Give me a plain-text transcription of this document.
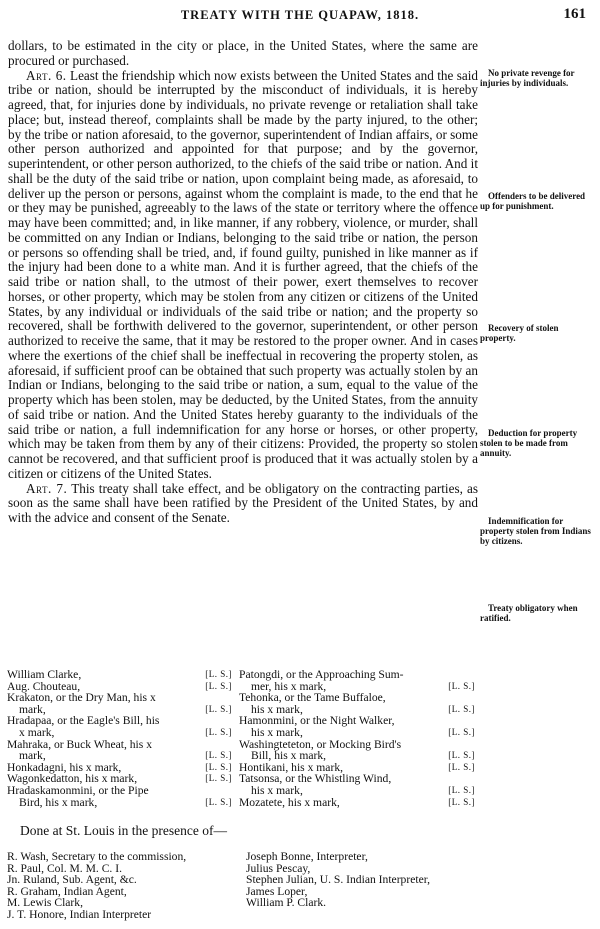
TREATY WITH THE QUAPAW, 1818.	161

dollars, to be estimated in the city or place, in the United States, where the same are procured or purchased.

Art. 6. Least the friendship which now exists between the United States and the said tribe or nation, should be interrupted by the misconduct of individuals, it is hereby agreed, that, for injuries done by individuals, no private revenge or retaliation shall take place; but, instead thereof, complaints shall be made by the party injured, to the other; by the tribe or nation aforesaid, to the governor, superintendent of Indian affairs, or some other person authorized and appointed for that purpose; and by the governor, superintendent, or other person authorized, to the chiefs of the said tribe or nation. And it shall be the duty of the said tribe or nation, upon complaint being made, as aforesaid, to deliver up the person or persons, against whom the complaint is made, to the end that he or they may be punished, agreeably to the laws of the state or territory where the offence may have been committed; and, in like manner, if any robbery, violence, or murder, shall be committed on any Indian or Indians, belonging to the said tribe or nation, the person or persons so offending shall be tried, and, if found guilty, punished in like manner as if the injury had been done to a white man. And it is further agreed, that the chiefs of the said tribe or nation shall, to the utmost of their power, exert themselves to recover horses, or other property, which may be stolen from any citizen or citizens of the United States, by any individual or individuals of the said tribe or nation; and the property so recovered, shall be forthwith delivered to the governor, superintendent, or other person authorized to receive the same, that it may be restored to the proper owner. And in cases where the exertions of the chief shall be ineffectual in recovering the property stolen, as aforesaid, if sufficient proof can be obtained that such property was actually stolen by an Indian or Indians, belonging to the said tribe or nation, a sum, equal to the value of the property which has been stolen, may be deducted, by the United States, from the annuity of said tribe or nation. And the United States hereby guaranty to the individuals of the said tribe or nation, a full indemnification for any horse or horses, or other property, which may be taken from them by any of their citizens: Provided, the property so stolen cannot be recovered, and that sufficient proof is produced that it was actually stolen by a citizen or citizens of the United States.

Art. 7. This treaty shall take effect, and be obligatory on the contracting parties, as soon as the same shall have been ratified by the President of the United States, by and with the advice and consent of the Senate.

No private revenge for injuries by individuals.
Offenders to be delivered up for punishment.
Recovery of stolen property.
Deduction for property stolen to be made from annuity.
Indemnification for property stolen from Indians by citizens.
Treaty obligatory when ratified.
William Clarke,	[L. S.]
Aug. Chouteau,	[L. S.]
Krakaton, or the Dry Man, his x
mark,	[L. S.]
Hradapaa, or the Eagle's Bill, his
x mark,	[L. S.]
Mahraka, or Buck Wheat, his x
mark,	[L. S.]
Honkadagni, his x mark,	[L. S.]
Wagonkedatton, his x mark,	[L. S.]
Hradaskamonmini, or the Pipe
Bird, his x mark,	[L. S.]
Patongdi, or the Approaching Sum-
mer, his x mark,	[L. S.]
Tehonka, or the Tame Buffaloe,
his x mark,	[L. S.]
Hamonmini, or the Night Walker,
his x mark,	[L. S.]
Washingteteton, or Mocking Bird's
Bill, his x mark,	[L. S.]
Hontikani, his x mark,	[L. S.]
Tatsonsa, or the Whistling Wind,
his x mark,	[L. S.]
Mozatete, his x mark,	[L. S.]
Done at St. Louis in the presence of—
R. Wash, Secretary to the commission,
R. Paul, Col. M. M. C. I.
Jn. Ruland, Sub. Agent, &c.
R. Graham, Indian Agent,
M. Lewis Clark,
J. T. Honore, Indian Interpreter
Joseph Bonne, Interpreter,
Julius Pescay,
Stephen Julian, U. S. Indian Interpreter,
James Loper,
William P. Clark.
